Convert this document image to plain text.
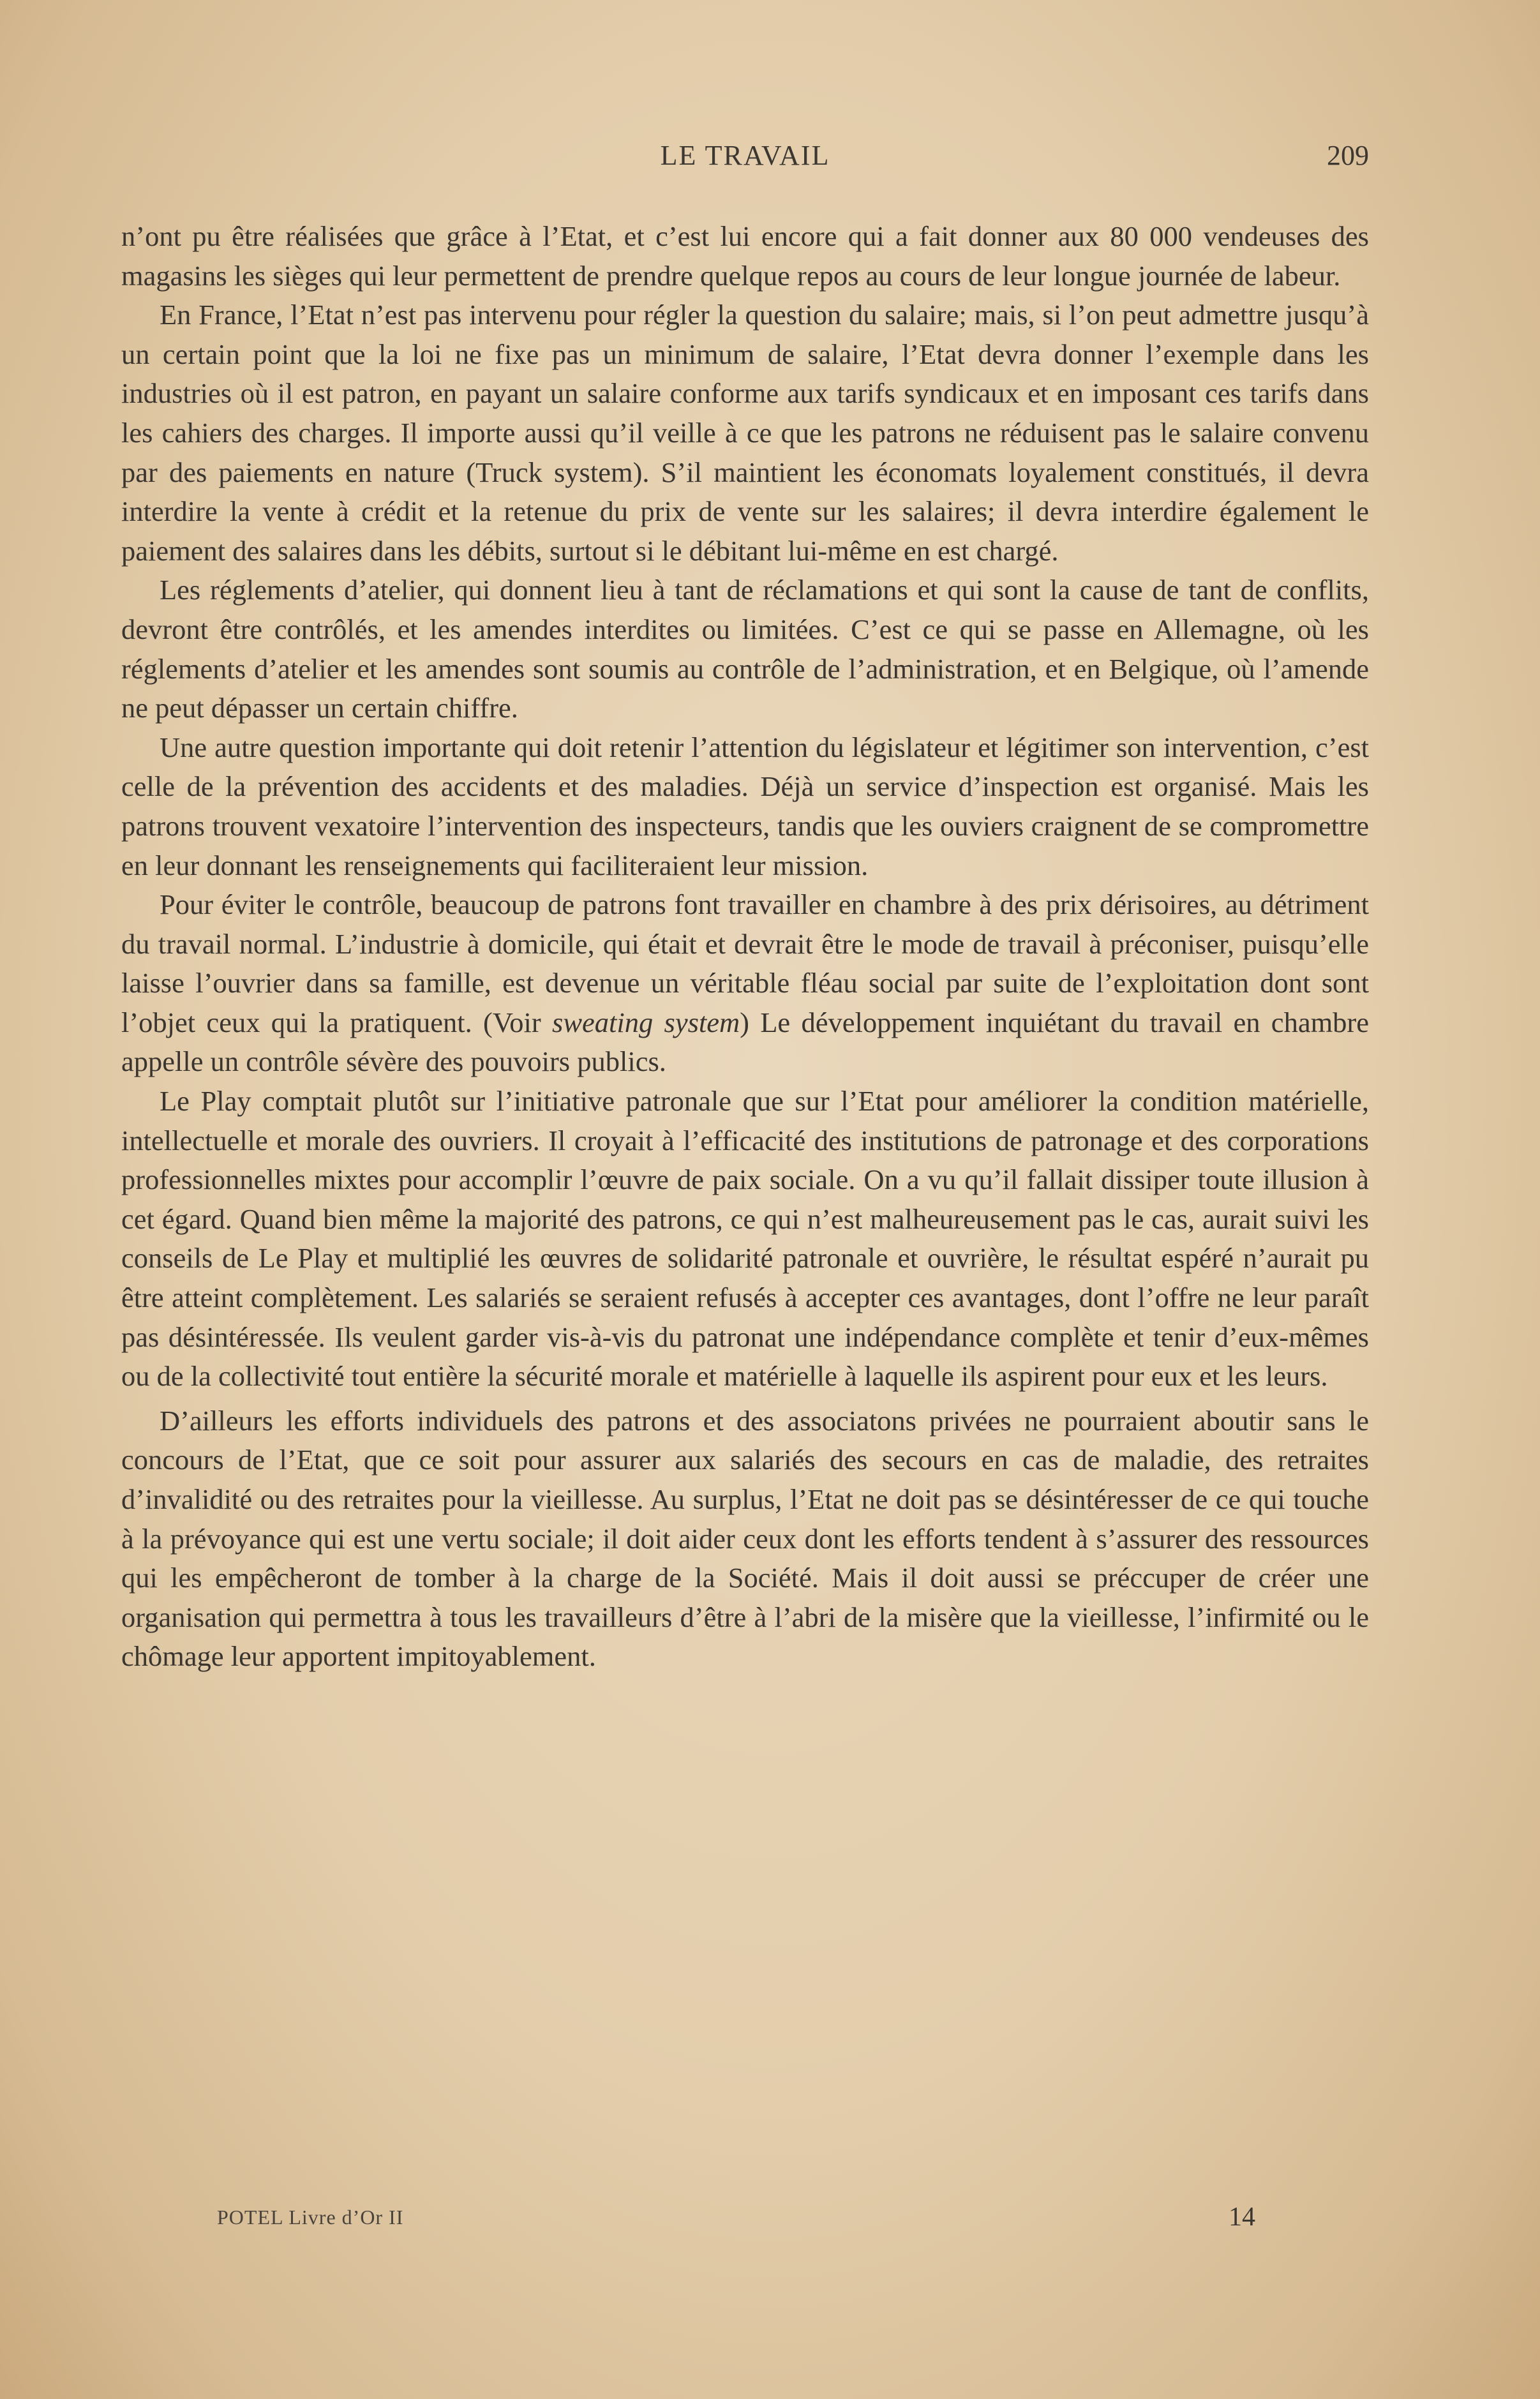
LE TRAVAIL	209

n’ont pu être réalisées que grâce à l’Etat, et c’est lui encore qui a fait donner aux 80 000 vendeuses des magasins les sièges qui leur permettent de prendre quelque repos au cours de leur longue journée de labeur.

En France, l’Etat n’est pas intervenu pour régler la question du salaire; mais, si l’on peut admettre jusqu’à un certain point que la loi ne fixe pas un minimum de salaire, l’Etat devra donner l’exemple dans les industries où il est patron, en payant un salaire conforme aux tarifs syndicaux et en imposant ces tarifs dans les cahiers des charges. Il importe aussi qu’il veille à ce que les patrons ne réduisent pas le salaire convenu par des paiements en nature (Truck system). S’il maintient les économats loyalement constitués, il devra interdire la vente à crédit et la retenue du prix de vente sur les salaires; il devra interdire également le paiement des salaires dans les débits, surtout si le débitant lui-même en est chargé.

Les réglements d’atelier, qui donnent lieu à tant de réclamations et qui sont la cause de tant de conflits, devront être contrôlés, et les amendes interdites ou limitées. C’est ce qui se passe en Allemagne, où les réglements d’atelier et les amendes sont soumis au contrôle de l’administration, et en Belgique, où l’amende ne peut dépasser un certain chiffre.

Une autre question importante qui doit retenir l’attention du législateur et légitimer son intervention, c’est celle de la prévention des accidents et des maladies. Déjà un service d’inspection est organisé. Mais les patrons trouvent vexatoire l’intervention des inspecteurs, tandis que les ouviers craignent de se compromettre en leur donnant les renseignements qui faciliteraient leur mission.

Pour éviter le contrôle, beaucoup de patrons font travailler en chambre à des prix dérisoires, au détriment du travail normal. L’industrie à domicile, qui était et devrait être le mode de travail à préconiser, puisqu’elle laisse l’ouvrier dans sa famille, est devenue un véritable fléau social par suite de l’exploitation dont sont l’objet ceux qui la pratiquent. (Voir sweating system) Le développement inquiétant du travail en chambre appelle un contrôle sévère des pouvoirs publics.

Le Play comptait plutôt sur l’initiative patronale que sur l’Etat pour améliorer la condition matérielle, intellectuelle et morale des ouvriers. Il croyait à l’efficacité des institutions de patronage et des corporations professionnelles mixtes pour accomplir l’œuvre de paix sociale. On a vu qu’il fallait dissiper toute illusion à cet égard. Quand bien même la majorité des patrons, ce qui n’est malheureusement pas le cas, aurait suivi les conseils de Le Play et multiplié les œuvres de solidarité patronale et ouvrière, le résultat espéré n’aurait pu être atteint complètement. Les salariés se seraient refusés à accepter ces avantages, dont l’offre ne leur paraît pas désintéressée. Ils veulent garder vis-à-vis du patronat une indépendance complète et tenir d’eux-mêmes ou de la collectivité tout entière la sécurité morale et matérielle à laquelle ils aspirent pour eux et les leurs.

D’ailleurs les efforts individuels des patrons et des associatons privées ne pourraient aboutir sans le concours de l’Etat, que ce soit pour assurer aux salariés des secours en cas de maladie, des retraites d’invalidité ou des retraites pour la vieillesse. Au surplus, l’Etat ne doit pas se désintéresser de ce qui touche à la prévoyance qui est une vertu sociale; il doit aider ceux dont les efforts tendent à s’assurer des ressources qui les empêcheront de tomber à la charge de la Société. Mais il doit aussi se préccuper de créer une organisation qui permettra à tous les travailleurs d’être à l’abri de la misère que la vieillesse, l’infirmité ou le chômage leur apportent impitoyablement.

POTEL Livre d’Or II	14
